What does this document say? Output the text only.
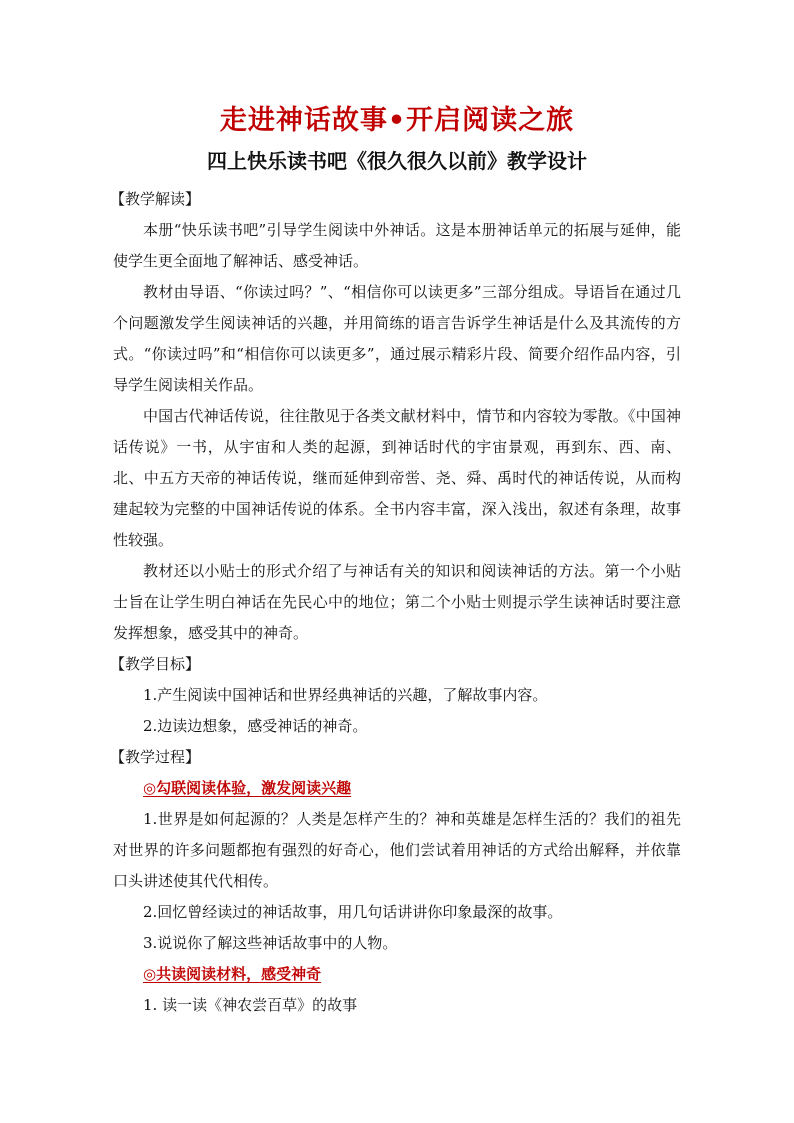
走进神话故事•开启阅读之旅
四上快乐读书吧《很久很久以前》教学设计
【教学解读】

本册“快乐读书吧”引导学生阅读中外神话。这是本册神话单元的拓展与延伸，能使学生更全面地了解神话、感受神话。

教材由导语、“你读过吗？”、“相信你可以读更多”三部分组成。导语旨在通过几个问题激发学生阅读神话的兴趣，并用简练的语言告诉学生神话是什么及其流传的方式。“你读过吗”和“相信你可以读更多”，通过展示精彩片段、简要介绍作品内容，引导学生阅读相关作品。

中国古代神话传说，往往散见于各类文献材料中，情节和内容较为零散。《中国神话传说》一书，从宇宙和人类的起源，到神话时代的宇宙景观，再到东、西、南、北、中五方天帝的神话传说，继而延伸到帝喾、尧、舜、禹时代的神话传说，从而构建起较为完整的中国神话传说的体系。全书内容丰富，深入浅出，叙述有条理，故事性较强。

教材还以小贴士的形式介绍了与神话有关的知识和阅读神话的方法。第一个小贴士旨在让学生明白神话在先民心中的地位；第二个小贴士则提示学生读神话时要注意发挥想象，感受其中的神奇。

【教学目标】
1.产生阅读中国神话和世界经典神话的兴趣，了解故事内容。
2.边读边想象，感受神话的神奇。
【教学过程】
◎勾联阅读体验，激发阅读兴趣

1.世界是如何起源的？人类是怎样产生的？神和英雄是怎样生活的？我们的祖先对世界的许多问题都抱有强烈的好奇心，他们尝试着用神话的方式给出解释，并依靠口头讲述使其代代相传。

2.回忆曾经读过的神话故事，用几句话讲讲你印象最深的故事。
3.说说你了解这些神话故事中的人物。
◎共读阅读材料，感受神奇
1. 读一读《神农尝百草》的故事
